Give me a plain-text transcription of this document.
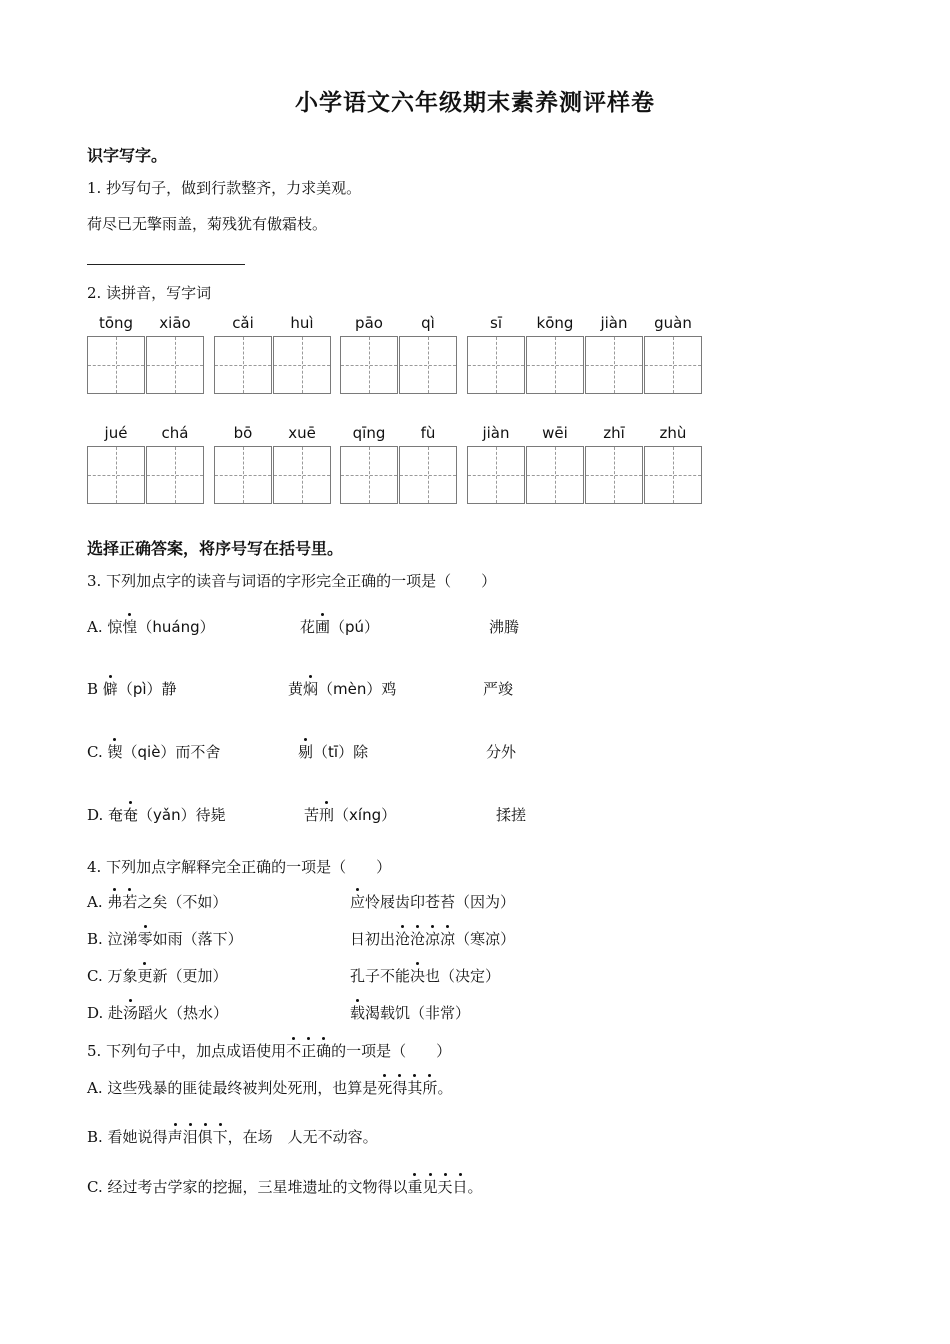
小学语文六年级期末素养测评样卷
识字写字。
1. 抄写句子，做到行款整齐，力求美观。
荷尽已无擎雨盖，菊残犹有傲霜枝。
2. 读拼音，写字词
tōng	xiāo	cǎi	huì	pāo	qì	sī	kōng	jiàn	guàn
jué	chá	bō	xuē	qīng	fù	jiàn	wēi	zhī	zhù
选择正确答案，将序号写在括号里。
3. 下列加点字的读音与词语的字形完全正确的一项是（　　）
A. 惊惶（huáng）	花圃（pú）	沸腾
B 僻（pì）静	黄焖（mèn）鸡	严竣
C. 锲（qiè）而不舍	剔（tī）除	分外
D. 奄奄（yǎn）待毙	苦刑（xíng）	揉搓
4. 下列加点字解释完全正确的一项是（　　）
A. 弗若之矣（不如）	应怜屐齿印苍苔（因为）
B. 泣涕零如雨（落下）	日初出沧沧凉凉（寒凉）
C. 万象更新（更加）	孔子不能决也（决定）
D. 赴汤蹈火（热水）	载渴载饥（非常）
5. 下列句子中，加点成语使用不正确的一项是（　　）
A. 这些残暴的匪徒最终被判处死刑，也算是死得其所。
B. 看她说得声泪俱下，在场　人无不动容。
C. 经过考古学家的挖掘，三星堆遗址的文物得以重见天日。
